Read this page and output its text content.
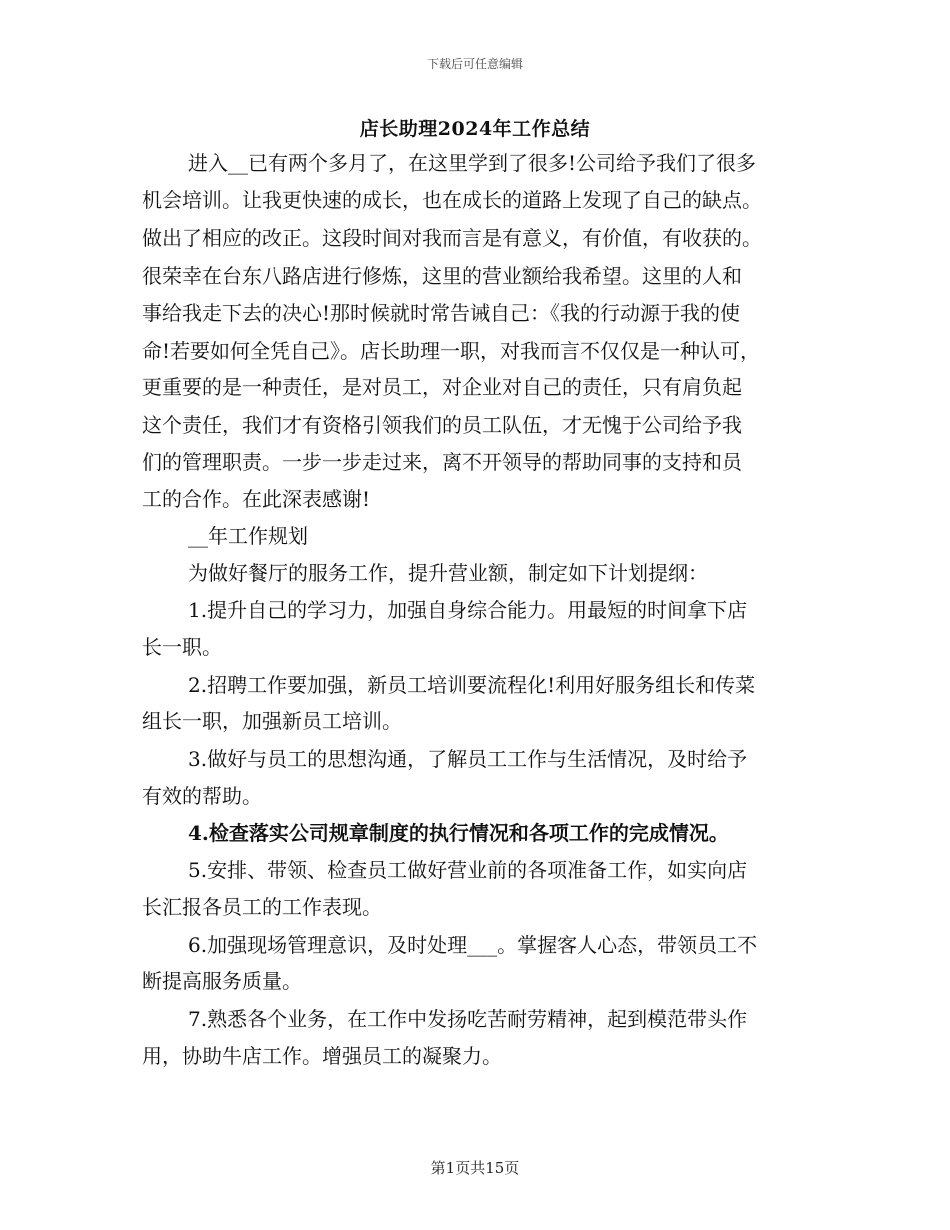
下载后可任意编辑
店长助理2024年工作总结
进入__已有两个多月了，在这里学到了很多!公司给予我们了很多
机会培训。让我更快速的成长，也在成长的道路上发现了自己的缺点。
做出了相应的改正。这段时间对我而言是有意义，有价值，有收获的。
很荣幸在台东八路店进行修炼，这里的营业额给我希望。这里的人和
事给我走下去的决心!那时候就时常告诫自己：《我的行动源于我的使
命!若要如何全凭自己》。店长助理一职，对我而言不仅仅是一种认可，
更重要的是一种责任，是对员工，对企业对自己的责任，只有肩负起
这个责任，我们才有资格引领我们的员工队伍，才无愧于公司给予我
们的管理职责。一步一步走过来，离不开领导的帮助同事的支持和员
工的合作。在此深表感谢!
__年工作规划
为做好餐厅的服务工作，提升营业额，制定如下计划提纲：
1.提升自己的学习力，加强自身综合能力。用最短的时间拿下店
长一职。
2.招聘工作要加强，新员工培训要流程化!利用好服务组长和传菜
组长一职，加强新员工培训。
3.做好与员工的思想沟通，了解员工工作与生活情况，及时给予
有效的帮助。
4.检查落实公司规章制度的执行情况和各项工作的完成情况。
5.安排、带领、检查员工做好营业前的各项准备工作，如实向店
长汇报各员工的工作表现。
6.加强现场管理意识，及时处理___。掌握客人心态，带领员工不
断提高服务质量。
7.熟悉各个业务，在工作中发扬吃苦耐劳精神，起到模范带头作
用，协助牛店工作。增强员工的凝聚力。
第1页共15页
